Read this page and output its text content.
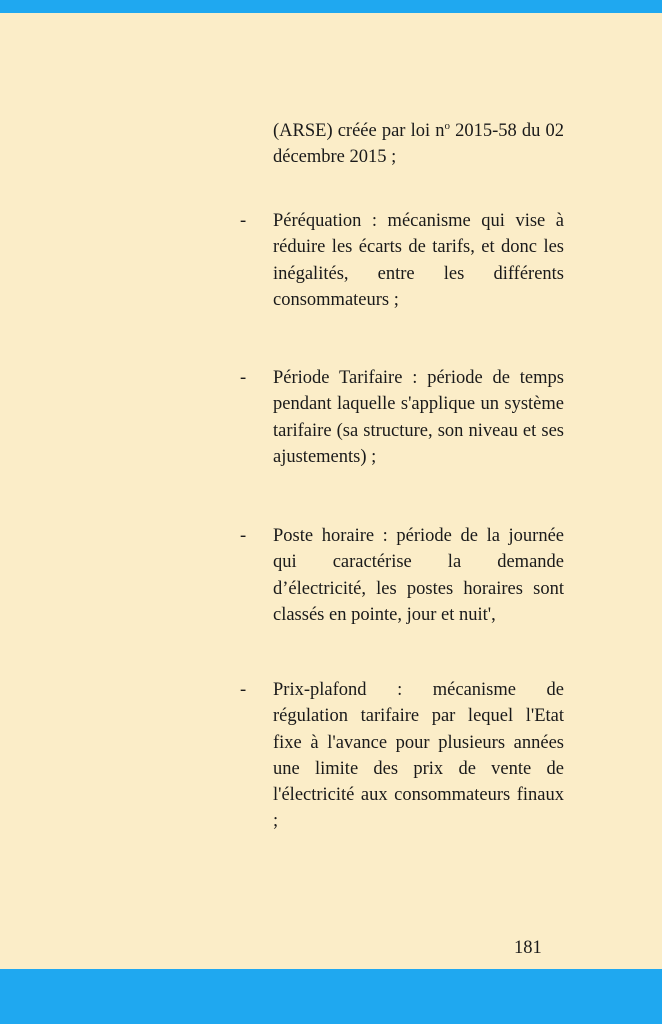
(ARSE) créée par loi $n^o$ 2015-58 du 02 décembre 2015 ;

- Péréquation : mécanisme qui vise à réduire les écarts de tarifs, et donc les inégalités, entre les différents consommateurs ;

- Période Tarifaire : période de temps pendant laquelle s'applique un système tarifaire (sa structure, son niveau et ses ajustements) ;

- Poste horaire : période de la journée qui caractérise la demande d’électricité, les postes horaires sont classés en pointe, jour et nuit',

- Prix-plafond : mécanisme de régulation tarifaire par lequel l'Etat fixe à l'avance pour plusieurs années une limite des prix de vente de l'électricité aux consommateurs finaux ;

181
